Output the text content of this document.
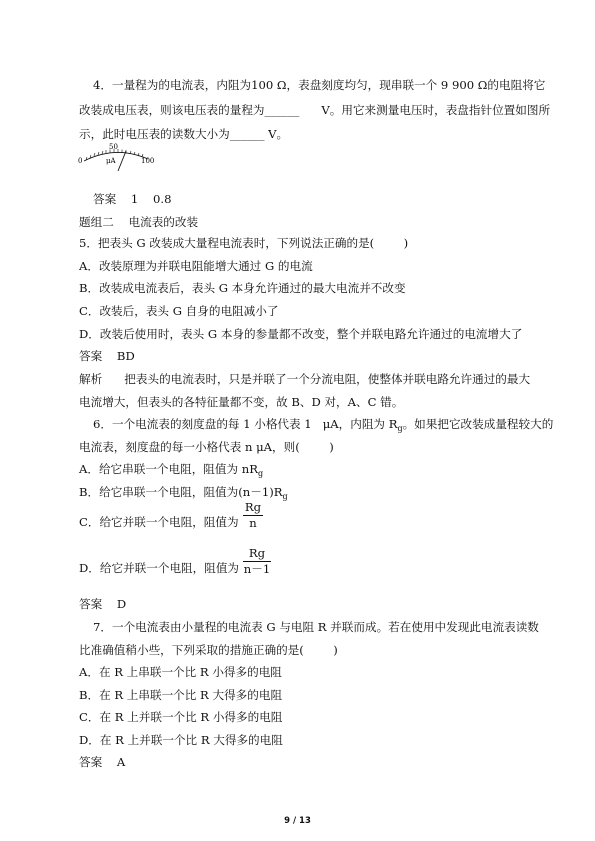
4．一量程为的电流表，内阻为100 Ω，表盘刻度均匀，现串联一个 9 900 Ω的电阻将它
改装成电压表，则该电压表的量程为______      V。用它来测量电压时，表盘指针位置如图所
示，此时电压表的读数大小为______ V。
0
50
100
μA
答案    1    0.8
题组二    电流表的改装
5．把表头 G 改装成大量程电流表时，下列说法正确的是(        )
A．改装原理为并联电阻能增大通过 G 的电流
B．改装成电流表后，表头 G 本身允许通过的最大电流并不改变
C．改装后，表头 G 自身的电阻减小了
D．改装后使用时，表头 G 本身的参量都不改变，整个并联电路允许通过的电流增大了
答案    BD
解析      把表头的电流表时，只是并联了一个分流电阻，使整体并联电路允许通过的最大
电流增大，但表头的各特征量都不变，故 B、D 对，A、C 错。
6．一个电流表的刻度盘的每 1 小格代表 1   μA，内阻为 $R_g$。如果把它改装成量程较大的
电流表，刻度盘的每一小格代表 n μA，则(        )
A．给它串联一个电阻，阻值为 $nR_g$
B．给它串联一个电阻，阻值为$(n-1)R_g$
C．给它并联一个电阻，阻值为
Rg
n
D．给它并联一个电阻，阻值为
Rg
n－1
答案    D
7．一个电流表由小量程的电流表 G 与电阻 R 并联而成。若在使用中发现此电流表读数
比准确值稍小些，下列采取的措施正确的是(        )
A．在 R 上串联一个比 R 小得多的电阻
B．在 R 上串联一个比 R 大得多的电阻
C．在 R 上并联一个比 R 小得多的电阻
D．在 R 上并联一个比 R 大得多的电阻
答案    A
9 / 13
